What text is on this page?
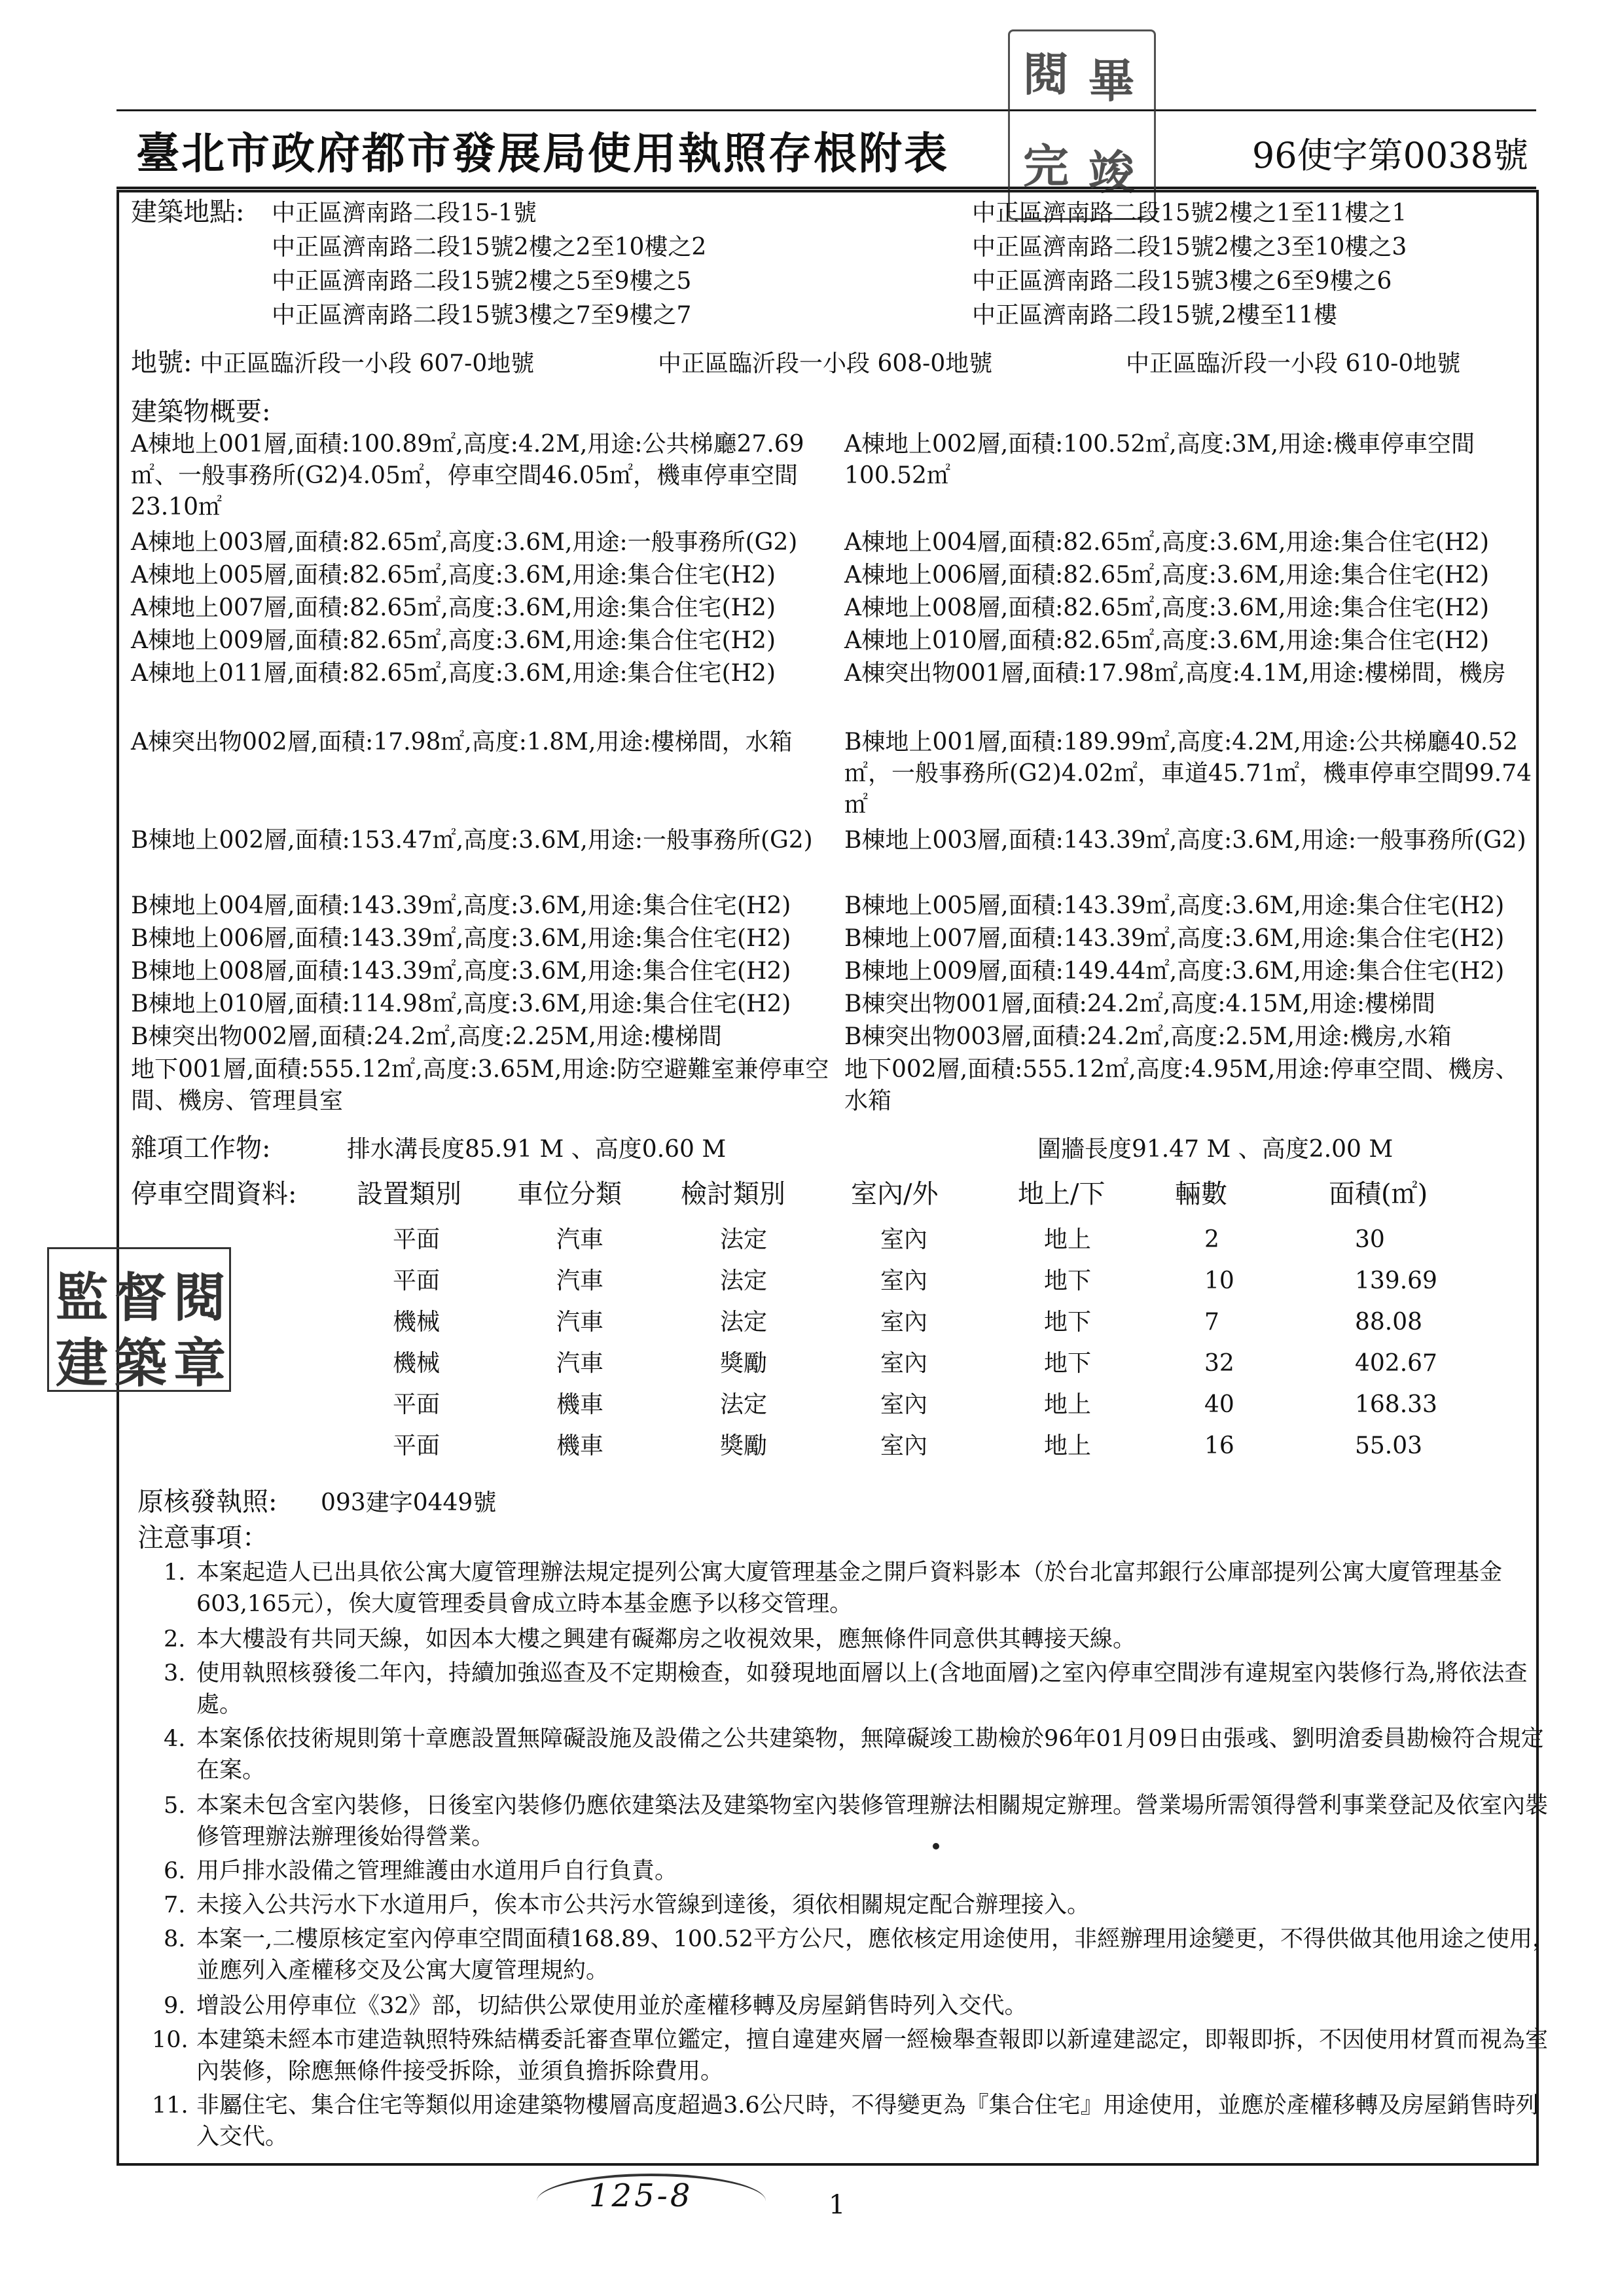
臺北市政府都市發展局使用執照存根附表	96使字第0038號
閱 畢
完 竣
建築地點: 中正區濟南路二段15-1號	中正區濟南路二段15號2樓之1至11樓之1
中正區濟南路二段15號2樓之2至10樓之2	中正區濟南路二段15號2樓之3至10樓之3
中正區濟南路二段15號2樓之5至9樓之5	中正區濟南路二段15號3樓之6至9樓之6
中正區濟南路二段15號3樓之7至9樓之7	中正區濟南路二段15號,2樓至11樓
地號: 中正區臨沂段一小段 607-0地號	中正區臨沂段一小段 608-0地號	中正區臨沂段一小段 610-0地號
建築物概要:
A棟地上001層,面積:100.89㎡,高度:4.2M,用途:公共梯廳27.69㎡、一般事務所(G2)4.05㎡，停車空間46.05㎡，機車停車空間23.10㎡
A棟地上002層,面積:100.52㎡,高度:3M,用途:機車停車空間100.52㎡
A棟地上003層,面積:82.65㎡,高度:3.6M,用途:一般事務所(G2) A棟地上004層,面積:82.65㎡,高度:3.6M,用途:集合住宅(H2)
A棟地上005層,面積:82.65㎡,高度:3.6M,用途:集合住宅(H2)	A棟地上006層,面積:82.65㎡,高度:3.6M,用途:集合住宅(H2)
A棟地上007層,面積:82.65㎡,高度:3.6M,用途:集合住宅(H2)	A棟地上008層,面積:82.65㎡,高度:3.6M,用途:集合住宅(H2)
A棟地上009層,面積:82.65㎡,高度:3.6M,用途:集合住宅(H2)	A棟地上010層,面積:82.65㎡,高度:3.6M,用途:集合住宅(H2)
A棟地上011層,面積:82.65㎡,高度:3.6M,用途:集合住宅(H2)	A棟突出物001層,面積:17.98㎡,高度:4.1M,用途:樓梯間，機房
A棟突出物002層,面積:17.98㎡,高度:1.8M,用途:樓梯間，水箱	B棟地上001層,面積:189.99㎡,高度:4.2M,用途:公共梯廳40.52㎡，一般事務所(G2)4.02㎡，車道45.71㎡，機車停車空間99.74㎡
B棟地上002層,面積:153.47㎡,高度:3.6M,用途:一般事務所(G2)	B棟地上003層,面積:143.39㎡,高度:3.6M,用途:一般事務所(G2)
B棟地上004層,面積:143.39㎡,高度:3.6M,用途:集合住宅(H2) B棟地上005層,面積:143.39㎡,高度:3.6M,用途:集合住宅(H2)
B棟地上006層,面積:143.39㎡,高度:3.6M,用途:集合住宅(H2) B棟地上007層,面積:143.39㎡,高度:3.6M,用途:集合住宅(H2)
B棟地上008層,面積:143.39㎡,高度:3.6M,用途:集合住宅(H2) B棟地上009層,面積:149.44㎡,高度:3.6M,用途:集合住宅(H2)
B棟地上010層,面積:114.98㎡,高度:3.6M,用途:集合住宅(H2) B棟突出物001層,面積:24.2㎡,高度:4.15M,用途:樓梯間
B棟突出物002層,面積:24.2㎡,高度:2.25M,用途:樓梯間	B棟突出物003層,面積:24.2㎡,高度:2.5M,用途:機房,水箱
地下001層,面積:555.12㎡,高度:3.65M,用途:防空避難室兼停車空間、機房、管理員室
地下002層,面積:555.12㎡,高度:4.95M,用途:停車空間、機房、水箱
雜項工作物:	排水溝長度85.91 M 、高度0.60 M	圍牆長度91.47 M 、高度2.00 M
停車空間資料: 設置類別 車位分類 檢討類別	室內/外	地上/下	輛數	面積(㎡)
平面	汽車	法定	室內	地上	2	30
平面	汽車	法定	室內	地下	10	139.69
機械	汽車	法定	室內	地下	7	88.08
機械	汽車	獎勵	室內	地下	32	402.67
平面	機車	法定	室內	地上	40	168.33
平面	機車	獎勵	室內	地上	16	55.03
監 督 閱
建 築 章
原核發執照: 093建字0449號
注意事項：
1. 本案起造人已出具依公寓大廈管理辦法規定提列公寓大廈管理基金之開戶資料影本（於台北富邦銀行公庫部提列公寓大廈管理基金603,165元），俟大廈管理委員會成立時本基金應予以移交管理。
2. 本大樓設有共同天線，如因本大樓之興建有礙鄰房之收視效果，應無條件同意供其轉接天線。
3. 使用執照核發後二年內，持續加強巡查及不定期檢查，如發現地面層以上(含地面層)之室內停車空間涉有違規室內裝修行為,將依法查處。
4. 本案係依技術規則第十章應設置無障礙設施及設備之公共建築物，無障礙竣工勘檢於96年01月09日由張彧、劉明滄委員勘檢符合規定在案。
5. 本案未包含室內裝修，日後室內裝修仍應依建築法及建築物室內裝修管理辦法相關規定辦理。營業場所需領得營利事業登記及依室內裝修管理辦法辦理後始得營業。
6. 用戶排水設備之管理維護由水道用戶自行負責。
7. 未接入公共污水下水道用戶，俟本市公共污水管線到達後，須依相關規定配合辦理接入。
8. 本案一,二樓原核定室內停車空間面積168.89、100.52平方公尺，應依核定用途使用，非經辦理用途變更，不得供做其他用途之使用，並應列入產權移交及公寓大廈管理規約。
9. 增設公用停車位《32》部，切結供公眾使用並於產權移轉及房屋銷售時列入交代。
10. 本建築未經本市建造執照特殊結構委託審查單位鑑定，擅自違建夾層一經檢舉查報即以新違建認定，即報即拆，不因使用材質而視為室內裝修，除應無條件接受拆除，並須負擔拆除費用。
11. 非屬住宅、集合住宅等類似用途建築物樓層高度超過3.6公尺時，不得變更為『集合住宅』用途使用，並應於產權移轉及房屋銷售時列入交代。
125-8	1
